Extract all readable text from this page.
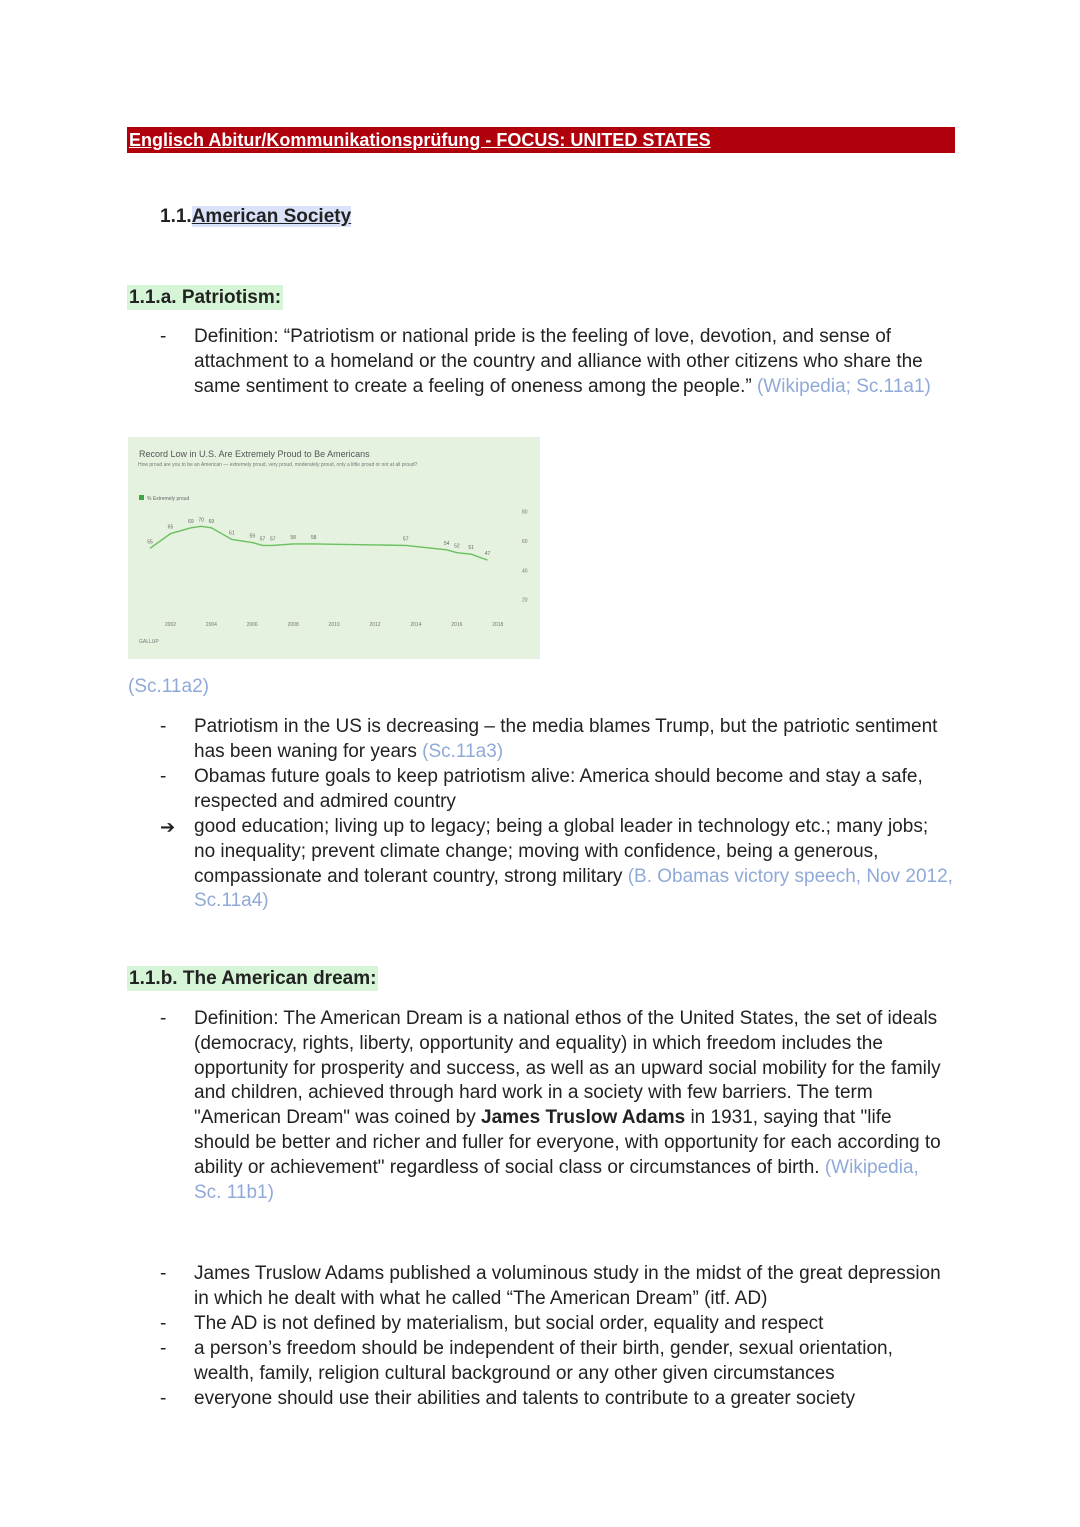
Englisch Abitur/Kommunikationsprüfung - FOCUS: UNITED STATES
1.1.American Society
1.1.a. Patriotism:
- Definition: “Patriotism or national pride is the feeling of love, devotion, and sense of attachment to a homeland or the country and alliance with other citizens who share the same sentiment to create a feeling of oneness among the people.” (Wikipedia; Sc.11a1)
Record Low in U.S. Are Extremely Proud to Be Americans
How proud are you to be an American — extremely proud, very proud, moderately proud, only a little proud or not at all proud?
% Extremely proud
80
60
40
20
2002	2004	2006	2008	2010	2012	2014	2016	2018
55
65
69 70 69
61	59 57 57	58	58	57
54 52 51
47
GALLUP
(Sc.11a2)
- Patriotism in the US is decreasing – the media blames Trump, but the patriotic sentiment has been waning for years (Sc.11a3)
- Obamas future goals to keep patriotism alive: America should become and stay a safe, respected and admired country
➔ good education; living up to legacy; being a global leader in technology etc.; many jobs; no inequality; prevent climate change; moving with confidence, being a generous, compassionate and tolerant country, strong military (B. Obamas victory speech, Nov 2012, Sc.11a4)
1.1.b. The American dream:
- Definition: The American Dream is a national ethos of the United States, the set of ideals (democracy, rights, liberty, opportunity and equality) in which freedom includes the opportunity for prosperity and success, as well as an upward social mobility for the family and children, achieved through hard work in a society with few barriers. The term "American Dream" was coined by James Truslow Adams in 1931, saying that "life should be better and richer and fuller for everyone, with opportunity for each according to ability or achievement" regardless of social class or circumstances of birth. (Wikipedia, Sc. 11b1)
- James Truslow Adams published a voluminous study in the midst of the great depression in which he dealt with what he called “The American Dream” (itf. AD)
- The AD is not defined by materialism, but social order, equality and respect
- a person’s freedom should be independent of their birth, gender, sexual orientation, wealth, family, religion cultural background or any other given circumstances
- everyone should use their abilities and talents to contribute to a greater society
